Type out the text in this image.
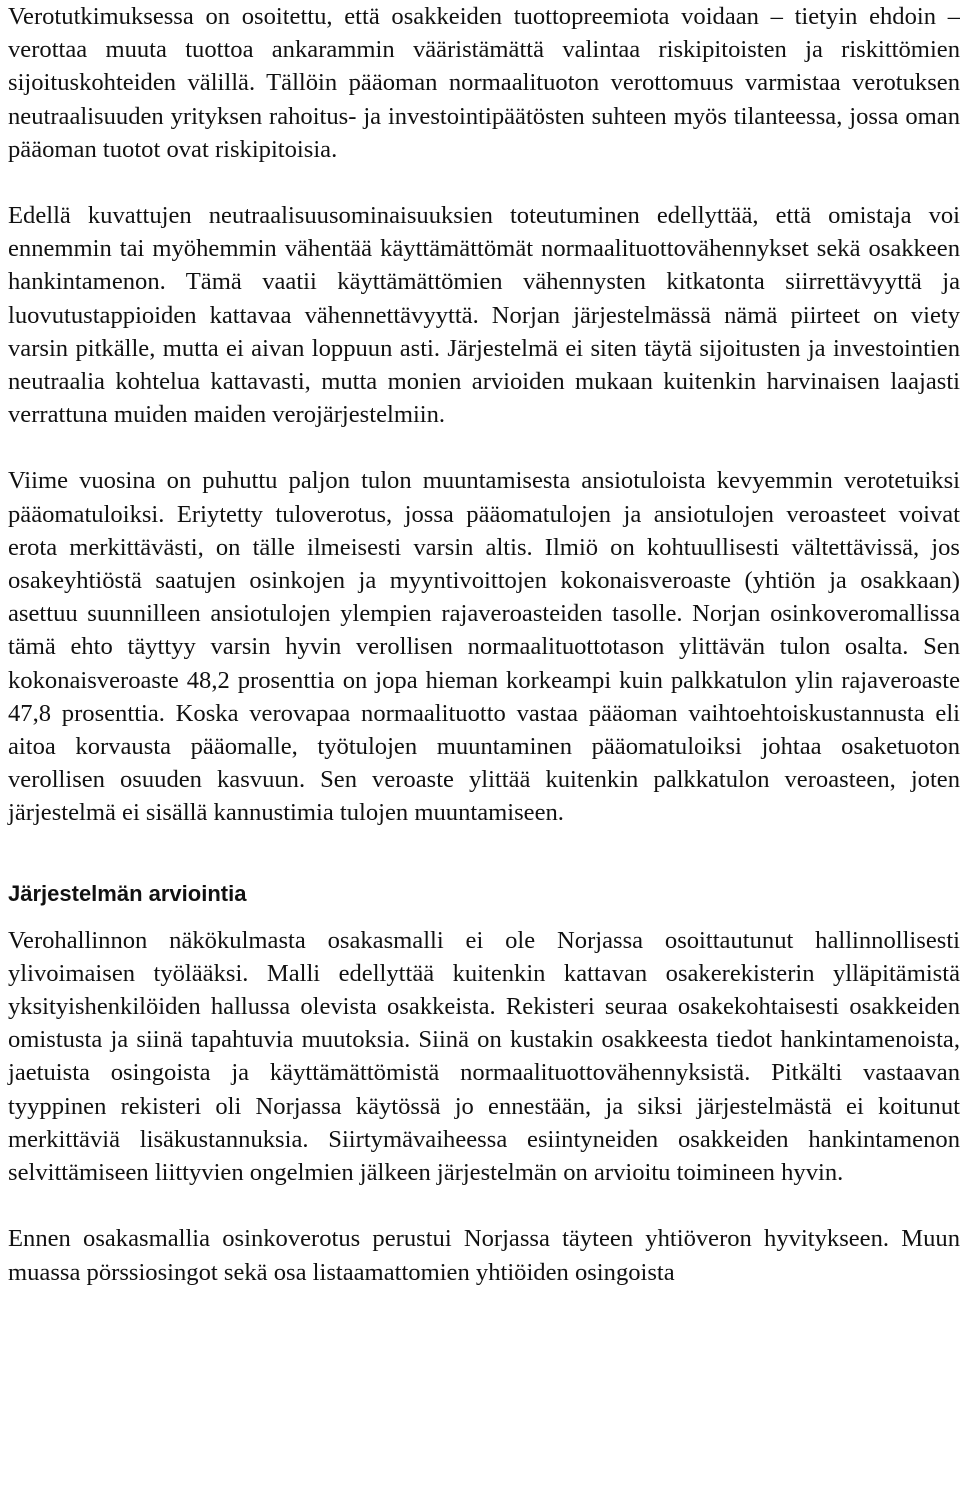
Verotutkimuksessa on osoitettu, että osakkeiden tuottopreemiota voidaan – tietyin ehdoin – verottaa muuta tuottoa ankarammin vääristämättä valintaa riskipitoisten ja riskittömien sijoituskohteiden välillä. Tällöin pääoman normaalituoton verottomuus varmistaa verotuksen neutraalisuuden yrityksen rahoitus- ja investointipäätösten suhteen myös tilanteessa, jossa oman pääoman tuotot ovat riskipitoisia.

Edellä kuvattujen neutraalisuusominaisuuksien toteutuminen edellyttää, että omistaja voi ennemmin tai myöhemmin vähentää käyttämättömät normaalituottovähennykset sekä osakkeen hankintamenon. Tämä vaatii käyttämättömien vähennysten kitkatonta siirrettävyyttä ja luovutustappioiden kattavaa vähennettävyyttä. Norjan järjestelmässä nämä piirteet on viety varsin pitkälle, mutta ei aivan loppuun asti. Järjestelmä ei siten täytä sijoitusten ja investointien neutraalia kohtelua kattavasti, mutta monien arvioiden mukaan kuitenkin harvinaisen laajasti verrattuna muiden maiden verojärjestelmiin.

Viime vuosina on puhuttu paljon tulon muuntamisesta ansiotuloista kevyemmin verotetuiksi pääomatuloiksi. Eriytetty tuloverotus, jossa pääomatulojen ja ansiotulojen veroasteet voivat erota merkittävästi, on tälle ilmeisesti varsin altis. Ilmiö on kohtuullisesti vältettävissä, jos osakeyhtiöstä saatujen osinkojen ja myyntivoittojen kokonaisveroaste (yhtiön ja osakkaan) asettuu suunnilleen ansiotulojen ylempien rajaveroasteiden tasolle. Norjan osinkoveromallissa tämä ehto täyttyy varsin hyvin verollisen normaalituottotason ylittävän tulon osalta. Sen kokonaisveroaste 48,2 prosenttia on jopa hieman korkeampi kuin palkkatulon ylin rajaveroaste 47,8 prosenttia. Koska verovapaa normaalituotto vastaa pääoman vaihtoehtoiskustannusta eli aitoa korvausta pääomalle, työtulojen muuntaminen pääomatuloiksi johtaa osaketuoton verollisen osuuden kasvuun. Sen veroaste ylittää kuitenkin palkkatulon veroasteen, joten järjestelmä ei sisällä kannustimia tulojen muuntamiseen.

Järjestelmän arviointia

Verohallinnon näkökulmasta osakasmalli ei ole Norjassa osoittautunut hallinnollisesti ylivoimaisen työlääksi. Malli edellyttää kuitenkin kattavan osakerekisterin ylläpitämistä yksityishenkilöiden hallussa olevista osakkeista. Rekisteri seuraa osakekohtaisesti osakkeiden omistusta ja siinä tapahtuvia muutoksia. Siinä on kustakin osakkeesta tiedot hankintamenoista, jaetuista osingoista ja käyttämättömistä normaalituottovähennyksistä. Pitkälti vastaavan tyyppinen rekisteri oli Norjassa käytössä jo ennestään, ja siksi järjestelmästä ei koitunut merkittäviä lisäkustannuksia. Siirtymävaiheessa esiintyneiden osakkeiden hankintamenon selvittämiseen liittyvien ongelmien jälkeen järjestelmän on arvioitu toimineen hyvin.

Ennen osakasmallia osinkoverotus perustui Norjassa täyteen yhtiöveron hyvitykseen. Muun muassa pörssiosingot sekä osa listaamattomien yhtiöiden osingoista
